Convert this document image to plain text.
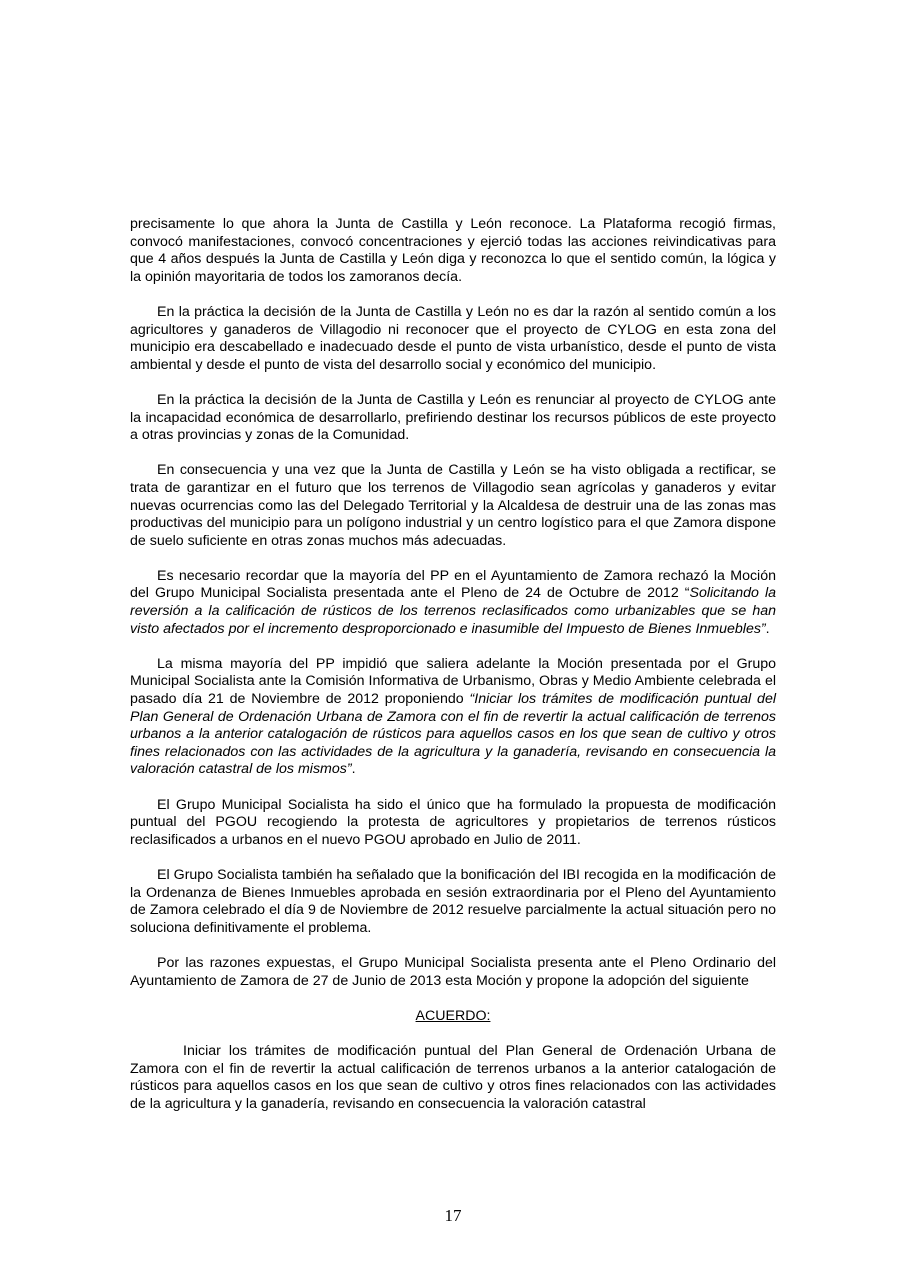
precisamente lo que ahora la Junta de Castilla y León reconoce. La Plataforma recogió firmas, convocó manifestaciones, convocó concentraciones y ejerció todas las acciones reivindicativas para que 4 años después la Junta de Castilla y León diga y reconozca lo que el sentido común, la lógica y la opinión mayoritaria de todos los zamoranos decía.

En la práctica la decisión de la Junta de Castilla y León no es dar la razón al sentido común a los agricultores y ganaderos de Villagodio ni reconocer que el proyecto de CYLOG en esta zona del municipio era descabellado e inadecuado desde el punto de vista urbanístico, desde el punto de vista ambiental y desde el punto de vista del desarrollo social y económico del municipio.

En la práctica la decisión de la Junta de Castilla y León es renunciar al proyecto de CYLOG ante la incapacidad económica de desarrollarlo, prefiriendo destinar los recursos públicos de este proyecto a otras provincias y zonas de la Comunidad.

En consecuencia y una vez que la Junta de Castilla y León se ha visto obligada a rectificar, se trata de garantizar en el futuro que los terrenos de Villagodio sean agrícolas y ganaderos y evitar nuevas ocurrencias como las del Delegado Territorial y la Alcaldesa de destruir una de las zonas mas productivas del municipio para un polígono industrial y un centro logístico para el que Zamora dispone de suelo suficiente en otras zonas muchos más adecuadas.

Es necesario recordar que la mayoría del PP en el Ayuntamiento de Zamora rechazó la Moción del Grupo Municipal Socialista presentada ante el Pleno de 24 de Octubre de 2012 “Solicitando la reversión a la calificación de rústicos de los terrenos reclasificados como urbanizables que se han visto afectados por el incremento desproporcionado e inasumible del Impuesto de Bienes Inmuebles”.

La misma mayoría del PP impidió que saliera adelante la Moción presentada por el Grupo Municipal Socialista ante la Comisión Informativa de Urbanismo, Obras y Medio Ambiente celebrada el pasado día 21 de Noviembre de 2012 proponiendo “Iniciar los trámites de modificación puntual del Plan General de Ordenación Urbana de Zamora con el fin de revertir la actual calificación de terrenos urbanos a la anterior catalogación de rústicos para aquellos casos en los que sean de cultivo y otros fines relacionados con las actividades de la agricultura y la ganadería, revisando en consecuencia la valoración catastral de los mismos”.

El Grupo Municipal Socialista ha sido el único que ha formulado la propuesta de modificación puntual del PGOU recogiendo la protesta de agricultores y propietarios de terrenos rústicos reclasificados a urbanos en el nuevo PGOU aprobado en Julio de 2011.

El Grupo Socialista también ha señalado que la bonificación del IBI recogida en la modificación de la Ordenanza de Bienes Inmuebles aprobada en sesión extraordinaria por el Pleno del Ayuntamiento de Zamora celebrado el día 9 de Noviembre de 2012 resuelve parcialmente la actual situación pero no soluciona definitivamente el problema.

Por las razones expuestas, el Grupo Municipal Socialista presenta ante el Pleno Ordinario del Ayuntamiento de Zamora de 27 de Junio de 2013 esta Moción y propone la adopción del siguiente

ACUERDO:

Iniciar los trámites de modificación puntual del Plan General de Ordenación Urbana de Zamora con el fin de revertir la actual calificación de terrenos urbanos a la anterior catalogación de rústicos para aquellos casos en los que sean de cultivo y otros fines relacionados con las actividades de la agricultura y la ganadería, revisando en consecuencia la valoración catastral

17
